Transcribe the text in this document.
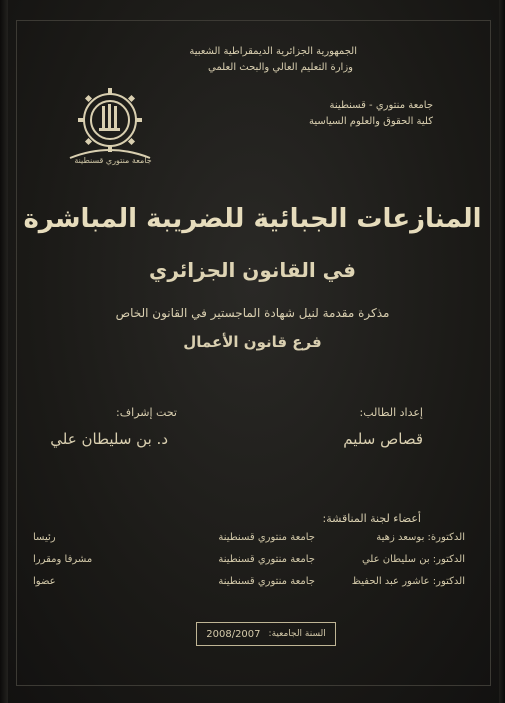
الجمهورية الجزائرية الديمقراطية الشعبية
وزارة التعليم العالي والبحث العلمي
جامعة منتوري - قسنطينة
كلية الحقوق والعلوم السياسية
جامعة منتوري قسنطينة
المنازعات الجبائية للضريبة المباشرة
في القانون الجزائري
مذكرة مقدمة لنيل شهادة الماجستير في القانون الخاص
فرع قانون الأعمال
إعداد الطالب:
تحت إشراف:
قصاص سليم
د. بن سليطان علي
أعضاء لجنة المناقشة:
الدكتورة: بوسعد زهية
جامعة منتوري قسنطينة
رئيسا
الدكتور: بن سليطان علي
جامعة منتوري قسنطينة
مشرفا ومقررا
الدكتور: عاشور عبد الحفيظ
جامعة منتوري قسنطينة
عضوا
السنة الجامعية:
2008/2007
